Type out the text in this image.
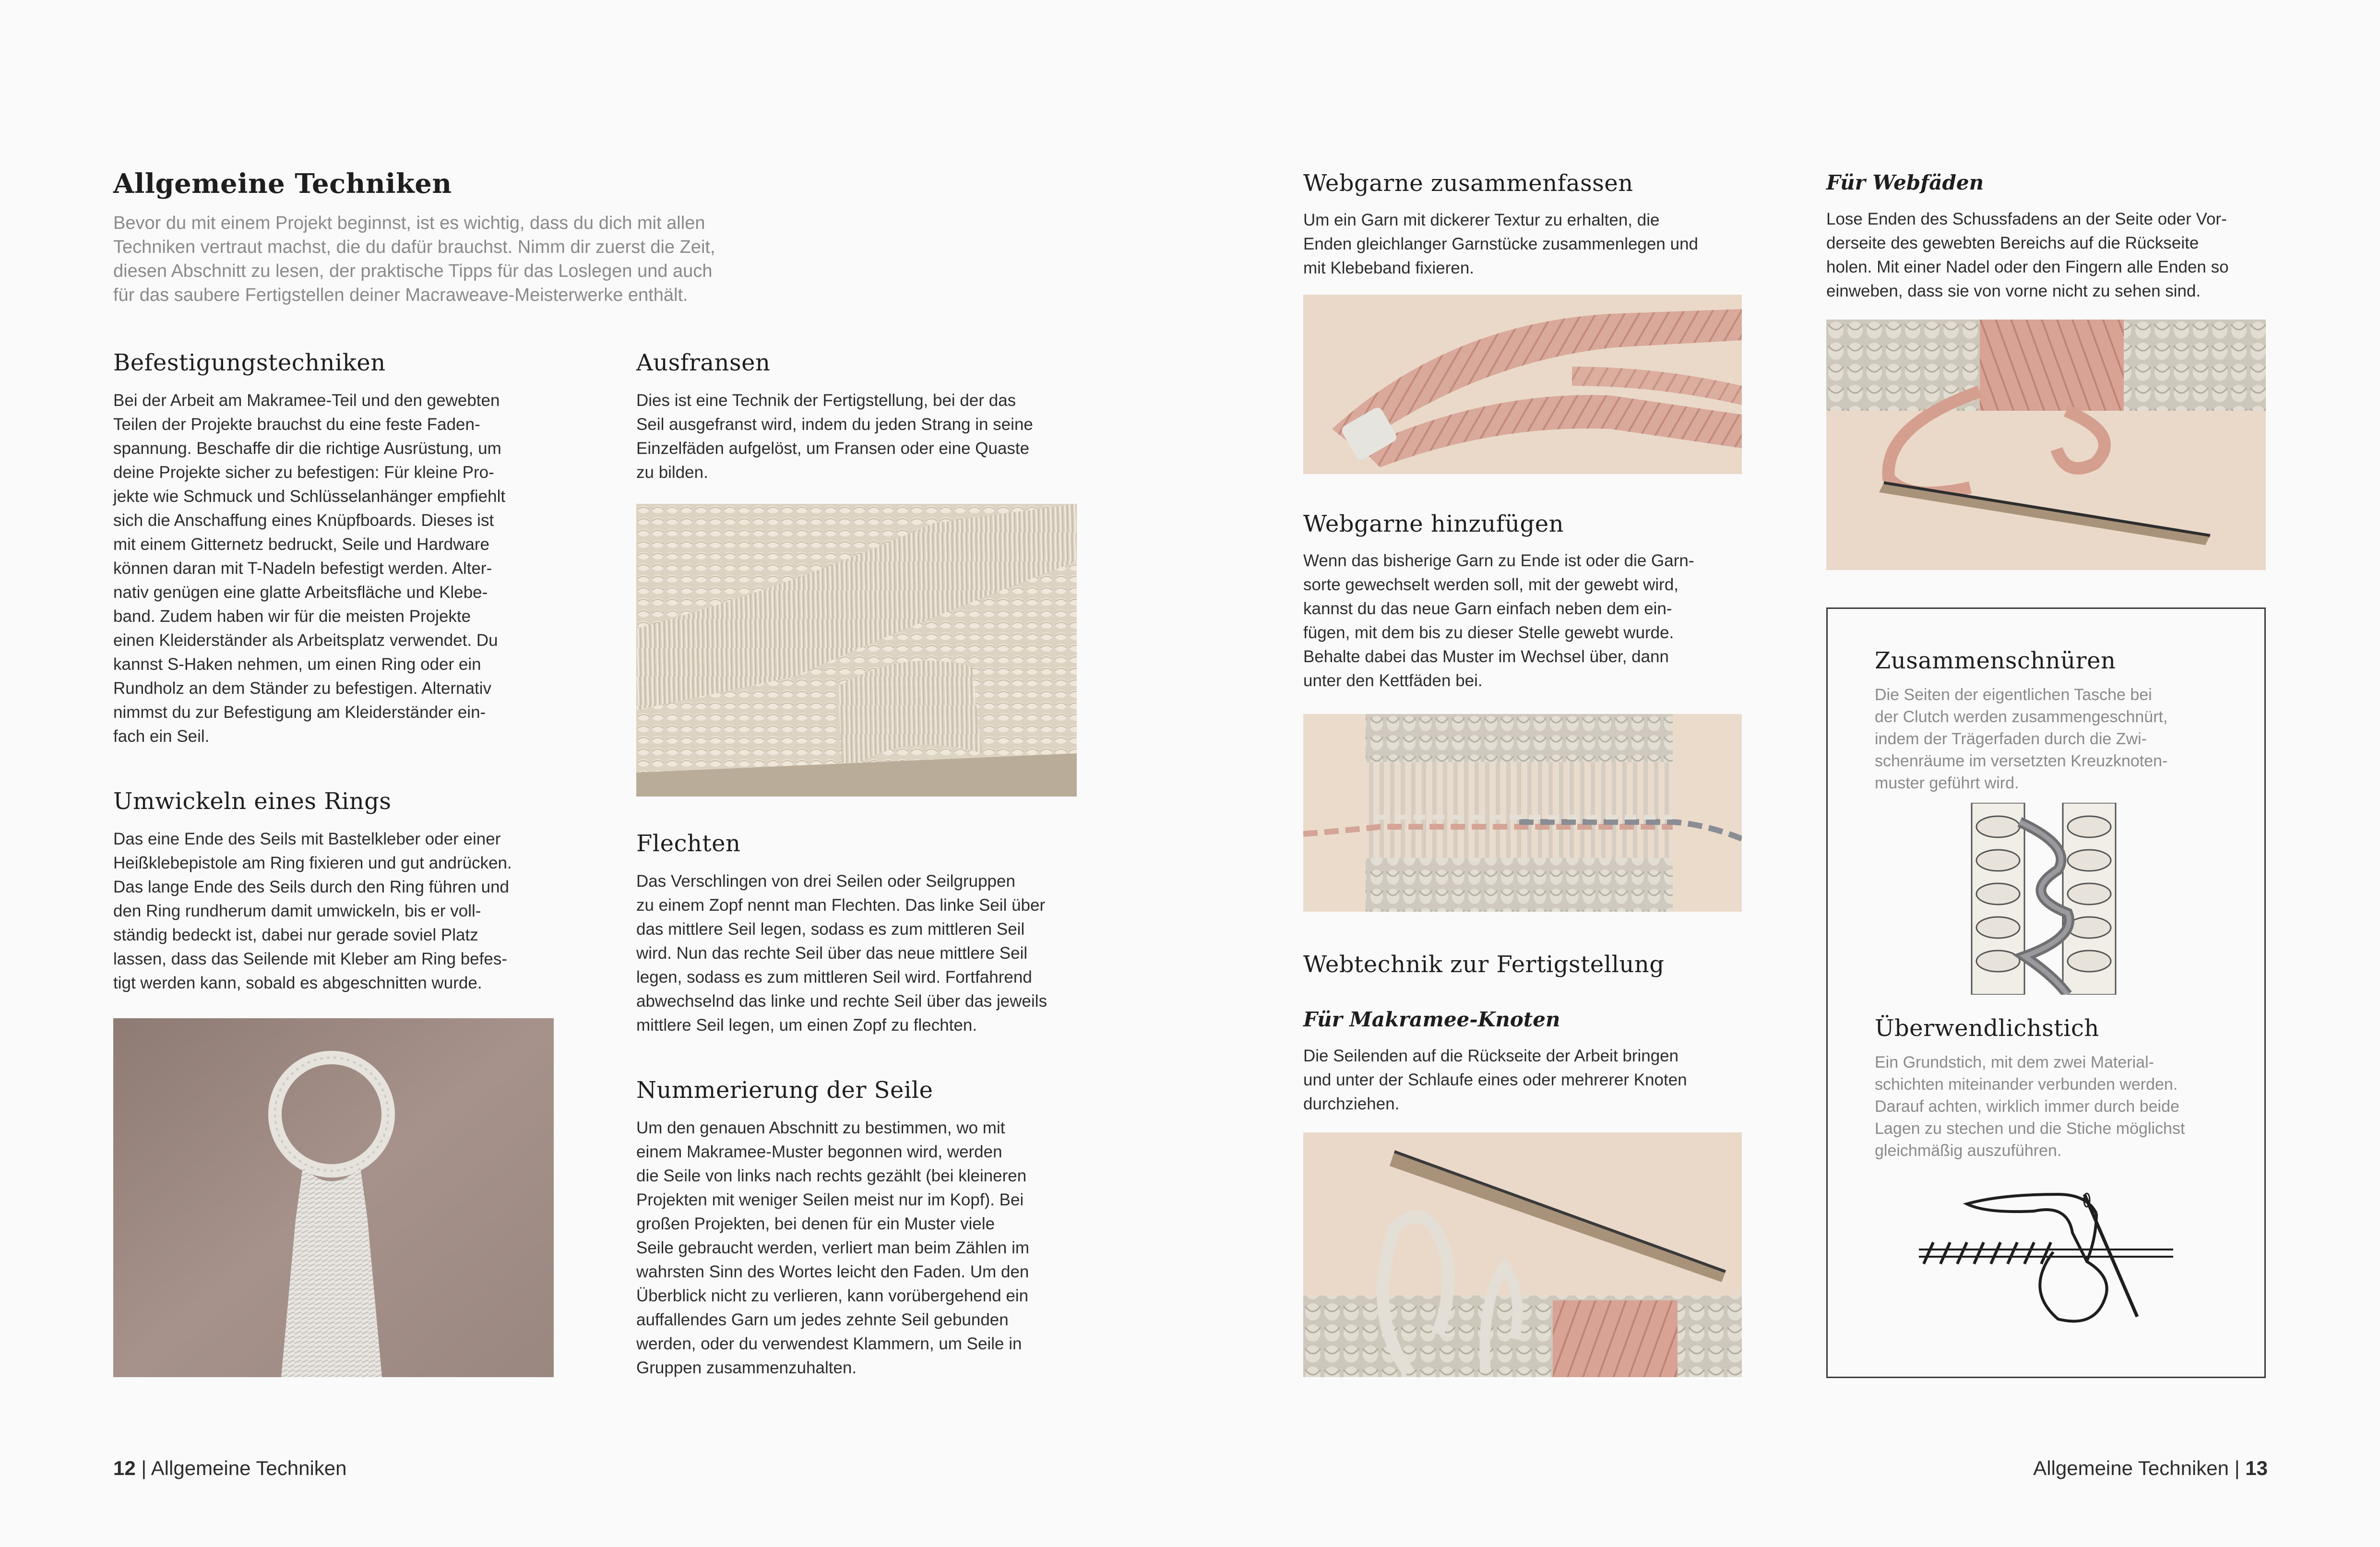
Allgemeine Techniken

Bevor du mit einem Projekt beginnst, ist es wichtig, dass du dich mit allen
Techniken vertraut machst, die du dafür brauchst. Nimm dir zuerst die Zeit,
diesen Abschnitt zu lesen, der praktische Tipps für das Loslegen und auch
für das saubere Fertigstellen deiner Macraweave-Meisterwerke enthält.

Befestigungstechniken

Bei der Arbeit am Makramee-Teil und den gewebten
Teilen der Projekte brauchst du eine feste Faden-
spannung. Beschaffe dir die richtige Ausrüstung, um
deine Projekte sicher zu befestigen: Für kleine Pro-
jekte wie Schmuck und Schlüsselanhänger empfiehlt
sich die Anschaffung eines Knüpfboards. Dieses ist
mit einem Gitternetz bedruckt, Seile und Hardware
können daran mit T-Nadeln befestigt werden. Alter-
nativ genügen eine glatte Arbeitsfläche und Klebe-
band. Zudem haben wir für die meisten Projekte
einen Kleiderständer als Arbeitsplatz verwendet. Du
kannst S-Haken nehmen, um einen Ring oder ein
Rundholz an dem Ständer zu befestigen. Alternativ
nimmst du zur Befestigung am Kleiderständer ein-
fach ein Seil.

Umwickeln eines Rings

Das eine Ende des Seils mit Bastelkleber oder einer
Heißklebepistole am Ring fixieren und gut andrücken.
Das lange Ende des Seils durch den Ring führen und
den Ring rundherum damit umwickeln, bis er voll-
ständig bedeckt ist, dabei nur gerade soviel Platz
lassen, dass das Seilende mit Kleber am Ring befes-
tigt werden kann, sobald es abgeschnitten wurde.

Ausfransen

Dies ist eine Technik der Fertigstellung, bei der das
Seil ausgefranst wird, indem du jeden Strang in seine
Einzelfäden aufgelöst, um Fransen oder eine Quaste
zu bilden.

Flechten

Das Verschlingen von drei Seilen oder Seilgruppen
zu einem Zopf nennt man Flechten. Das linke Seil über
das mittlere Seil legen, sodass es zum mittleren Seil
wird. Nun das rechte Seil über das neue mittlere Seil
legen, sodass es zum mittleren Seil wird. Fortfahrend
abwechselnd das linke und rechte Seil über das jeweils
mittlere Seil legen, um einen Zopf zu flechten.

Nummerierung der Seile

Um den genauen Abschnitt zu bestimmen, wo mit
einem Makramee-Muster begonnen wird, werden
die Seile von links nach rechts gezählt (bei kleineren
Projekten mit weniger Seilen meist nur im Kopf). Bei
großen Projekten, bei denen für ein Muster viele
Seile gebraucht werden, verliert man beim Zählen im
wahrsten Sinn des Wortes leicht den Faden. Um den
Überblick nicht zu verlieren, kann vorübergehend ein
auffallendes Garn um jedes zehnte Seil gebunden
werden, oder du verwendest Klammern, um Seile in
Gruppen zusammenzuhalten.

Webgarne zusammenfassen

Um ein Garn mit dickerer Textur zu erhalten, die
Enden gleichlanger Garnstücke zusammenlegen und
mit Klebeband fixieren.

Webgarne hinzufügen

Wenn das bisherige Garn zu Ende ist oder die Garn-
sorte gewechselt werden soll, mit der gewebt wird,
kannst du das neue Garn einfach neben dem ein-
fügen, mit dem bis zu dieser Stelle gewebt wurde.
Behalte dabei das Muster im Wechsel über, dann
unter den Kettfäden bei.

Webtechnik zur Fertigstellung
Für Makramee-Knoten

Die Seilenden auf die Rückseite der Arbeit bringen
und unter der Schlaufe eines oder mehrerer Knoten
durchziehen.

Für Webfäden

Lose Enden des Schussfadens an der Seite oder Vor-
derseite des gewebten Bereichs auf die Rückseite
holen. Mit einer Nadel oder den Fingern alle Enden so
einweben, dass sie von vorne nicht zu sehen sind.

Zusammenschnüren

Die Seiten der eigentlichen Tasche bei
der Clutch werden zusammengeschnürt,
indem der Trägerfaden durch die Zwi-
schenräume im versetzten Kreuzknoten-
muster geführt wird.

Überwendlichstich

Ein Grundstich, mit dem zwei Material-
schichten miteinander verbunden werden.
Darauf achten, wirklich immer durch beide
Lagen zu stechen und die Stiche möglichst
gleichmäßig auszuführen.

12 | Allgemeine Techniken	Allgemeine Techniken | 13
